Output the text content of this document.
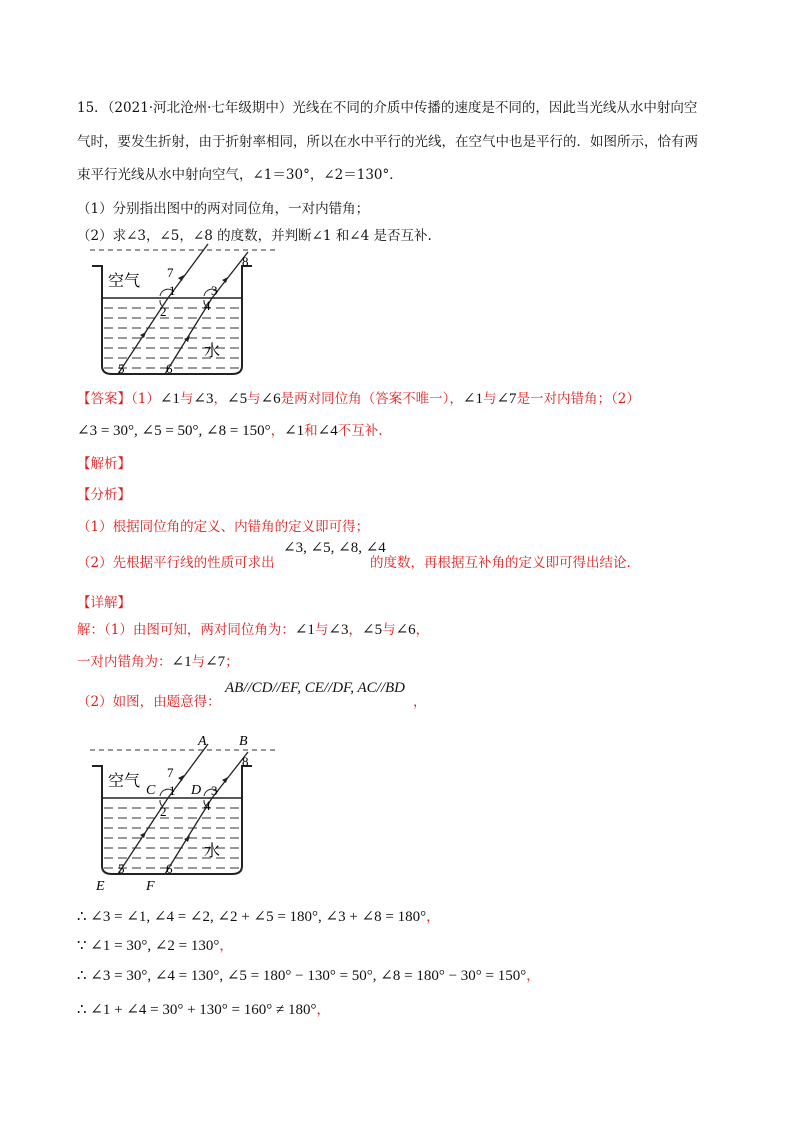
15．（2021·河北沧州·七年级期中）光线在不同的介质中传播的速度是不同的，因此当光线从水中射向空
气时，要发生折射，由于折射率相同，所以在水中平行的光线，在空气中也是平行的．如图所示，恰有两
束平行光线从水中射向空气，∠1＝30°，∠2＝130°．
（1）分别指出图中的两对同位角，一对内错角；
（2）求∠3，∠5，∠8 的度数，并判断∠1 和∠4 是否互补.
空气
水
7
1
2
3
4
8
5	6
【答案】（1）∠1与∠3，∠5与∠6是两对同位角（答案不唯一），∠1与∠7是一对内错角；（2）
∠3 = 30°, ∠5 = 50°, ∠8 = 150°，∠1和∠4不互补.
【解析】
【分析】
（1）根据同位角的定义、内错角的定义即可得；
（2）先根据平行线的性质可求出
∠3, ∠5, ∠8, ∠4
的度数，再根据互补角的定义即可得出结论.
【详解】
解：（1）由图可知，两对同位角为：∠1与∠3，∠5与∠6，
一对内错角为：∠1与∠7；
（2）如图，由题意得：
AB//CD//EF, CE//DF, AC//BD
，
空气
水
A B
C	D
E	F
7
1
2
3
4
8
5	6
∴ ∠3 = ∠1, ∠4 = ∠2, ∠2 + ∠5 = 180°, ∠3 + ∠8 = 180°，
∵ ∠1 = 30°, ∠2 = 130°，
∴ ∠3 = 30°, ∠4 = 130°, ∠5 = 180° − 130° = 50°, ∠8 = 180° − 30° = 150°，
∴ ∠1 + ∠4 = 30° + 130° = 160° ≠ 180°，
